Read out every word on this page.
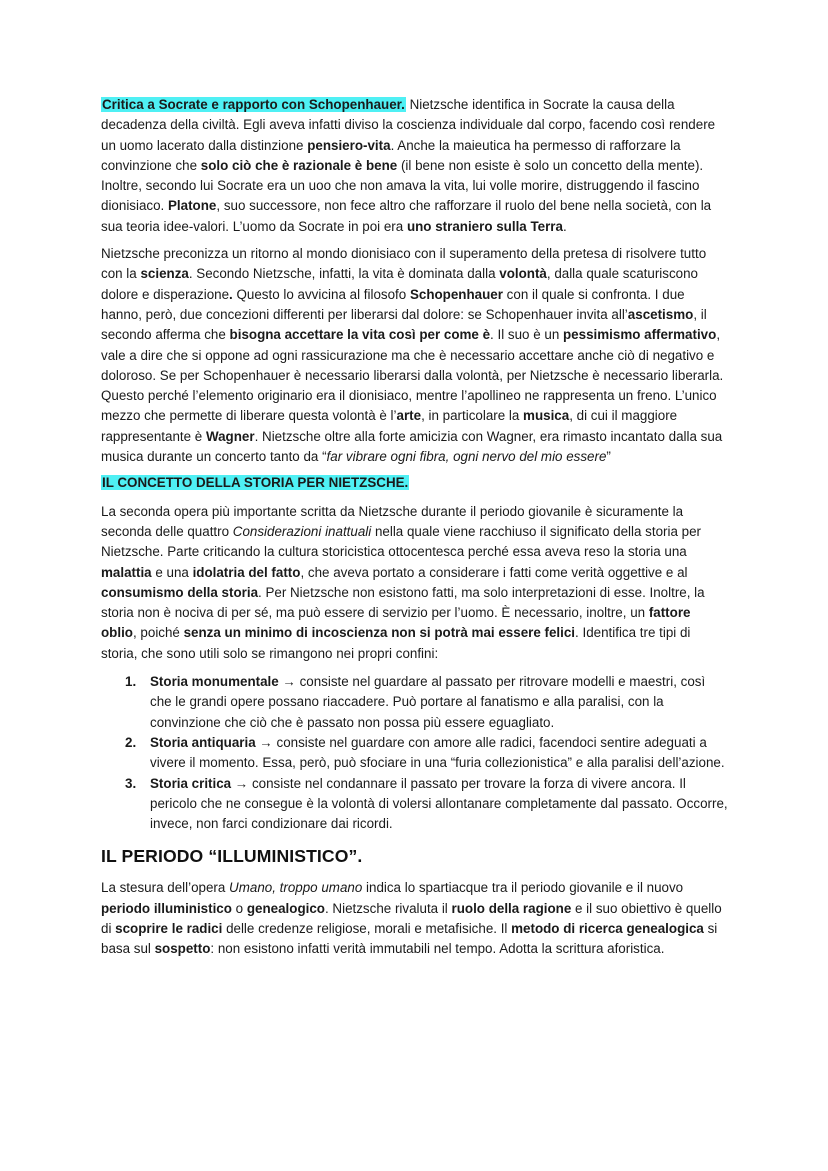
Critica a Socrate e rapporto con Schopenhauer. Nietzsche identifica in Socrate la causa della decadenza della civiltà. Egli aveva infatti diviso la coscienza individuale dal corpo, facendo così rendere un uomo lacerato dalla distinzione pensiero-vita. Anche la maieutica ha permesso di rafforzare la convinzione che solo ciò che è razionale è bene (il bene non esiste è solo un concetto della mente). Inoltre, secondo lui Socrate era un uoo che non amava la vita, lui volle morire, distruggendo il fascino dionisiaco. Platone, suo successore, non fece altro che rafforzare il ruolo del bene nella società, con la sua teoria idee-valori. L’uomo da Socrate in poi era uno straniero sulla Terra.

Nietzsche preconizza un ritorno al mondo dionisiaco con il superamento della pretesa di risolvere tutto con la scienza. Secondo Nietzsche, infatti, la vita è dominata dalla volontà, dalla quale scaturiscono dolore e disperazione. Questo lo avvicina al filosofo Schopenhauer con il quale si confronta. I due hanno, però, due concezioni differenti per liberarsi dal dolore: se Schopenhauer invita all’ascetismo, il secondo afferma che bisogna accettare la vita così per come è. Il suo è un pessimismo affermativo, vale a dire che si oppone ad ogni rassicurazione ma che è necessario accettare anche ciò di negativo e doloroso. Se per Schopenhauer è necessario liberarsi dalla volontà, per Nietzsche è necessario liberarla. Questo perché l’elemento originario era il dionisiaco, mentre l’apollineo ne rappresenta un freno. L’unico mezzo che permette di liberare questa volontà è l’arte, in particolare la musica, di cui il maggiore rappresentante è Wagner. Nietzsche oltre alla forte amicizia con Wagner, era rimasto incantato dalla sua musica durante un concerto tanto da “far vibrare ogni fibra, ogni nervo del mio essere”

IL CONCETTO DELLA STORIA PER NIETZSCHE.

La seconda opera più importante scritta da Nietzsche durante il periodo giovanile è sicuramente la seconda delle quattro Considerazioni inattuali nella quale viene racchiuso il significato della storia per Nietzsche. Parte criticando la cultura storicistica ottocentesca perché essa aveva reso la storia una malattia e una idolatria del fatto, che aveva portato a considerare i fatti come verità oggettive e al consumismo della storia. Per Nietzsche non esistono fatti, ma solo interpretazioni di esse. Inoltre, la storia non è nociva di per sé, ma può essere di servizio per l’uomo. È necessario, inoltre, un fattore oblio, poiché senza un minimo di incoscienza non si potrà mai essere felici. Identifica tre tipi di storia, che sono utili solo se rimangono nei propri confini:

1. Storia monumentale → consiste nel guardare al passato per ritrovare modelli e maestri, così che le grandi opere possano riaccadere. Può portare al fanatismo e alla paralisi, con la convinzione che ciò che è passato non possa più essere eguagliato.
2. Storia antiquaria → consiste nel guardare con amore alle radici, facendoci sentire adeguati a vivere il momento. Essa, però, può sfociare in una “furia collezionistica” e alla paralisi dell’azione.
3. Storia critica → consiste nel condannare il passato per trovare la forza di vivere ancora. Il pericolo che ne consegue è la volontà di volersi allontanare completamente dal passato. Occorre, invece, non farci condizionare dai ricordi.
IL PERIODO “ILLUMINISTICO”.

La stesura dell’opera Umano, troppo umano indica lo spartiacque tra il periodo giovanile e il nuovo periodo illuministico o genealogico. Nietzsche rivaluta il ruolo della ragione e il suo obiettivo è quello di scoprire le radici delle credenze religiose, morali e metafisiche. Il metodo di ricerca genealogica si basa sul sospetto: non esistono infatti verità immutabili nel tempo. Adotta la scrittura aforistica.
